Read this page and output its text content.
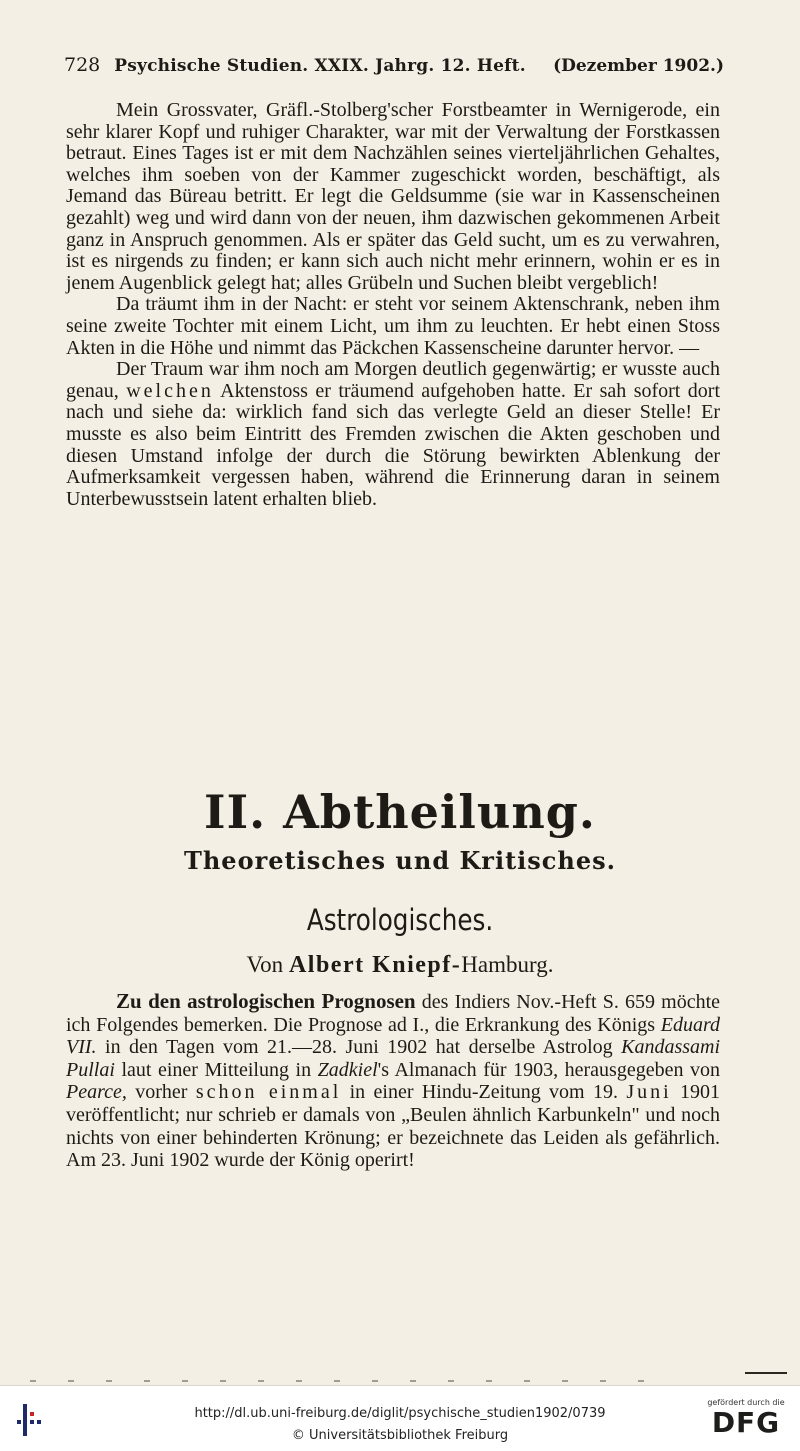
728 Psychische Studien. XXIX. Jahrg. 12. Heft. (Dezember 1902.)

Mein Grossvater, Gräfl.-Stolberg'scher Forstbeamter in Wernigerode, ein sehr klarer Kopf und ruhiger Charakter, war mit der Verwaltung der Forstkassen betraut. Eines Tages ist er mit dem Nachzählen seines vierteljährlichen Gehaltes, welches ihm soeben von der Kammer zugeschickt worden, beschäftigt, als Jemand das Büreau betritt. Er legt die Geldsumme (sie war in Kassenscheinen gezahlt) weg und wird dann von der neuen, ihm dazwischen gekommenen Arbeit ganz in Anspruch genommen. Als er später das Geld sucht, um es zu verwahren, ist es nirgends zu finden; er kann sich auch nicht mehr erinnern, wohin er es in jenem Augenblick gelegt hat; alles Grübeln und Suchen bleibt vergeblich!

Da träumt ihm in der Nacht: er steht vor seinem Aktenschrank, neben ihm seine zweite Tochter mit einem Licht, um ihm zu leuchten. Er hebt einen Stoss Akten in die Höhe und nimmt das Päckchen Kassenscheine darunter hervor. —

Der Traum war ihm noch am Morgen deutlich gegenwärtig; er wusste auch genau, welchen Aktenstoss er träumend aufgehoben hatte. Er sah sofort dort nach und siehe da: wirklich fand sich das verlegte Geld an dieser Stelle! Er musste es also beim Eintritt des Fremden zwischen die Akten geschoben und diesen Umstand infolge der durch die Störung bewirkten Ablenkung der Aufmerksamkeit vergessen haben, während die Erinnerung daran in seinem Unterbewusstsein latent erhalten blieb.

II. Abtheilung.
Theoretisches und Kritisches.
Astrologisches.
Von Albert Kniepf-Hamburg.

Zu den astrologischen Prognosen des Indiers Nov.-Heft S. 659 möchte ich Folgendes bemerken. Die Prognose ad I., die Erkrankung des Königs Eduard VII. in den Tagen vom 21.—28. Juni 1902 hat derselbe Astrolog Kandassami Pullai laut einer Mitteilung in Zadkiel's Almanach für 1903, herausgegeben von Pearce, vorher schon einmal in einer Hindu-Zeitung vom 19. Juni 1901 veröffentlicht; nur schrieb er damals von „Beulen ähnlich Karbunkeln" und noch nichts von einer behinderten Krönung; er bezeichnete das Leiden als gefährlich. Am 23. Juni 1902 wurde der König operirt!

http://dl.ub.uni-freiburg.de/diglit/psychische_studien1902/0739
© Universitätsbibliothek Freiburg
gefördert durch die
DFG
